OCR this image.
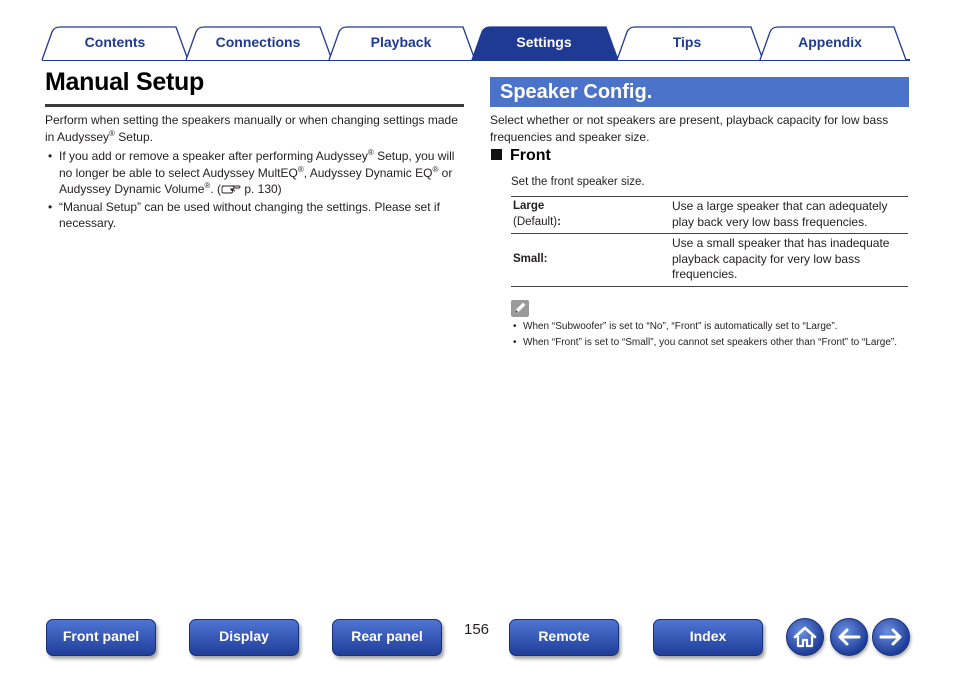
Contents	Connections	Playback	Settings	Tips	Appendix
Manual Setup
Perform when setting the speakers manually or when changing settings made in Audyssey® Setup.
• If you add or remove a speaker after performing Audyssey® Setup, you will no longer be able to select Audyssey MultEQ®, Audyssey Dynamic EQ® or Audyssey Dynamic Volume®. ( p. 130)
• “Manual Setup” can be used without changing the settings. Please set if necessary.
Speaker Config.
Select whether or not speakers are present, playback capacity for low bass frequencies and speaker size.
Front
Set the front speaker size.
Large
(Default):	Use a large speaker that can adequately play back very low bass frequencies.
Small:	Use a small speaker that has inadequate playback capacity for very low bass frequencies.
• When “Subwoofer” is set to “No”, “Front” is automatically set to “Large”.
• When “Front” is set to “Small”, you cannot set speakers other than “Front” to “Large”.
Front panel	Display	Rear panel	156	Remote	Index
